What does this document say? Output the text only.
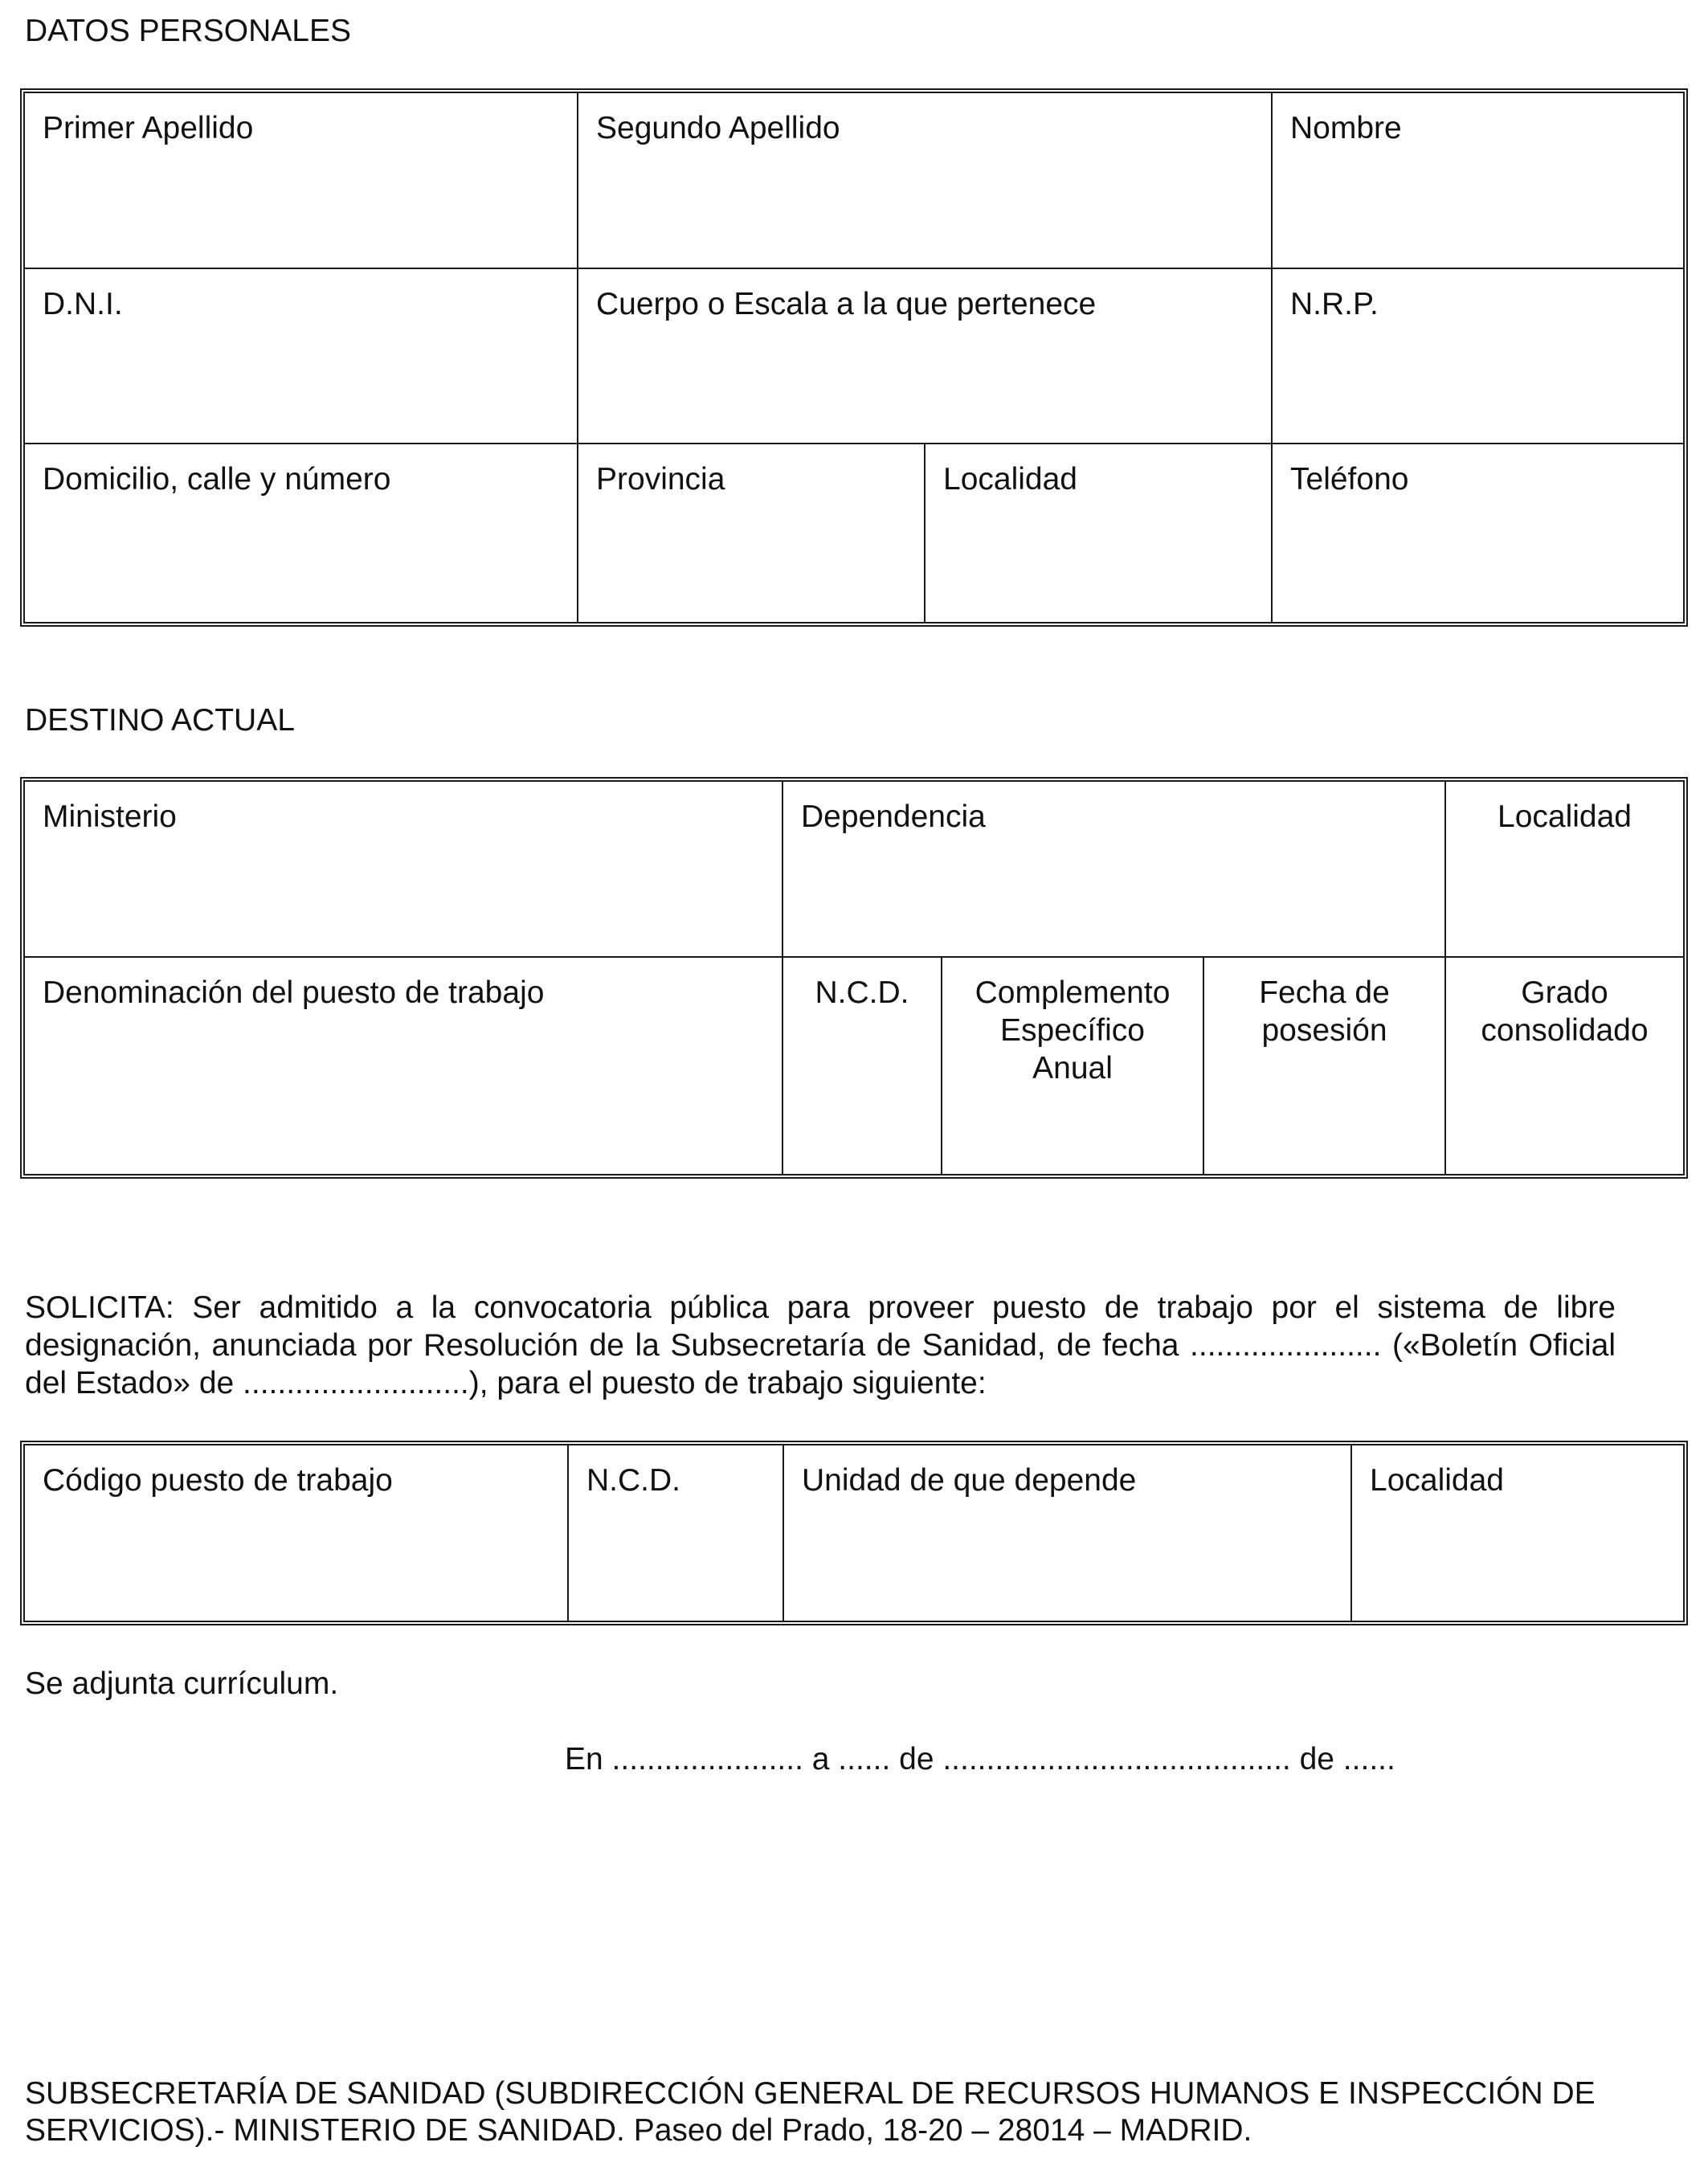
DATOS PERSONALES
Primer Apellido	Segundo Apellido		Nombre
D.N.I.	Cuerpo o Escala a la que pertenece		N.R.P.
Domicilio, calle y número	Provincia	Localidad	Teléfono
DESTINO ACTUAL
Ministerio	Dependencia			Localidad
Denominación del puesto de trabajo	N.C.D.	Complemento Específico Anual	Fecha de posesión	Grado consolidado

SOLICITA: Ser admitido a la convocatoria pública para proveer puesto de trabajo por el sistema de libre designación, anunciada por Resolución de la Subsecretaría de Sanidad, de fecha ...................... («Boletín Oficial del Estado» de ..........................), para el puesto de trabajo siguiente:

Código puesto de trabajo	N.C.D.	Unidad de que depende	Localidad

Se adjunta currículum.

En ...................... a ...... de ........................................ de ......

SUBSECRETARÍA DE SANIDAD (SUBDIRECCIÓN GENERAL DE RECURSOS HUMANOS E INSPECCIÓN DE

SERVICIOS).- MINISTERIO DE SANIDAD. Paseo del Prado, 18-20 – 28014 – MADRID.
